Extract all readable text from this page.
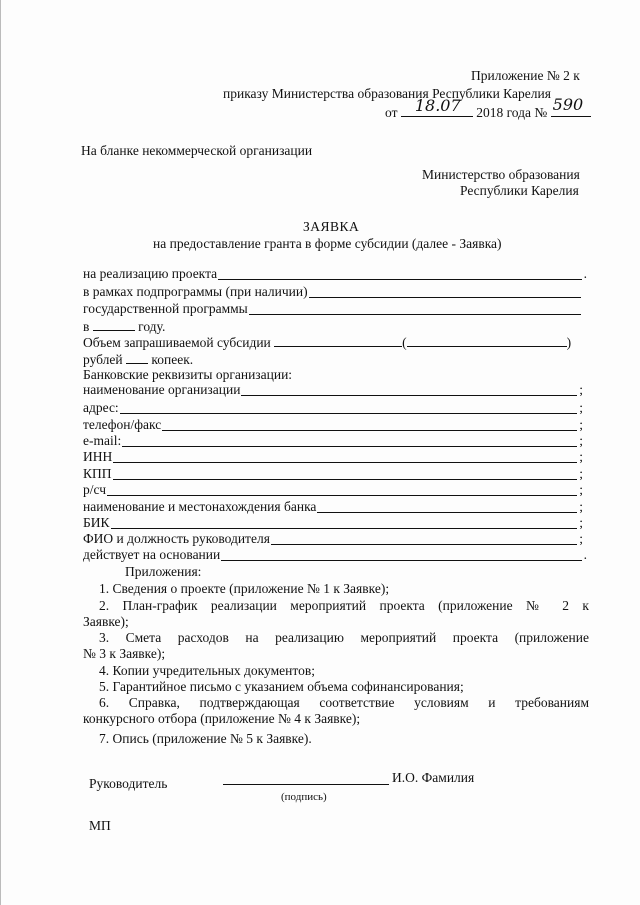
Приложение № 2 к
приказу Министерства образования Республики Карелия
от 18.07 2018 года № 590
На бланке некоммерческой организации
Министерство образования
Республики Карелия
ЗАЯВКА
на предоставление гранта в форме субсидии (далее - Заявка)
на реализацию проекта	.
в рамках подпрограммы (при наличии)
государственной программы
в	году.
Объем запрашиваемой субсидии	(	)
рублей копеек.
Банковские реквизиты организации:
наименование организации	;
адрес:	;
телефон/факс	;
e-mail:	;
ИНН	;
КПП	;
р/сч	;
наименование и местонахождения банка	;
БИК	;
ФИО и должность руководителя	;
действует на основании	.
Приложения:
1. Сведения о проекте (приложение № 1 к Заявке);
2. План-график реализации мероприятий проекта (приложение № 2 к
Заявке);
3. Смета расходов на реализацию мероприятий проекта (приложение
№ 3 к Заявке);
4. Копии учредительных документов;
5. Гарантийное письмо с указанием объема софинансирования;
6. Справка, подтверждающая соответствие условиям и требованиям
конкурсного отбора (приложение № 4 к Заявке);
7. Опись (приложение № 5 к Заявке).
Руководитель	И.О. Фамилия
(подпись)
МП
